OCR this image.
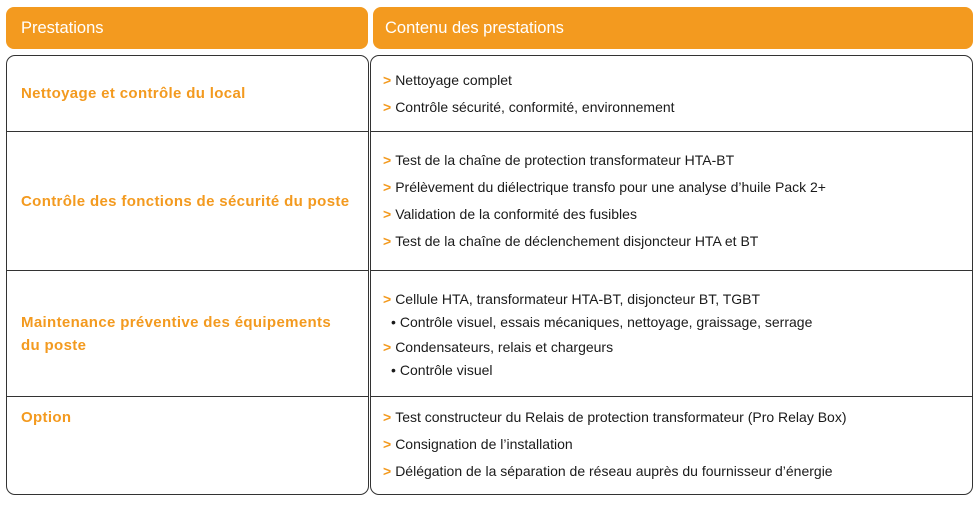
Prestations	Contenu des prestations
Nettoyage et contrôle du local
Contrôle des fonctions de sécurité du poste
Maintenance préventive des équipements du poste
Option
> Nettoyage complet
> Contrôle sécurité, conformité, environnement
> Test de la chaîne de protection transformateur HTA-BT
> Prélèvement du diélectrique transfo pour une analyse d’huile Pack 2+
> Validation de la conformité des fusibles
> Test de la chaîne de déclenchement disjoncteur HTA et BT
> Cellule HTA, transformateur HTA-BT, disjoncteur BT, TGBT
• Contrôle visuel, essais mécaniques, nettoyage, graissage, serrage
> Condensateurs, relais et chargeurs
• Contrôle visuel
> Test constructeur du Relais de protection transformateur (Pro Relay Box)
> Consignation de l’installation
> Délégation de la séparation de réseau auprès du fournisseur d’énergie
